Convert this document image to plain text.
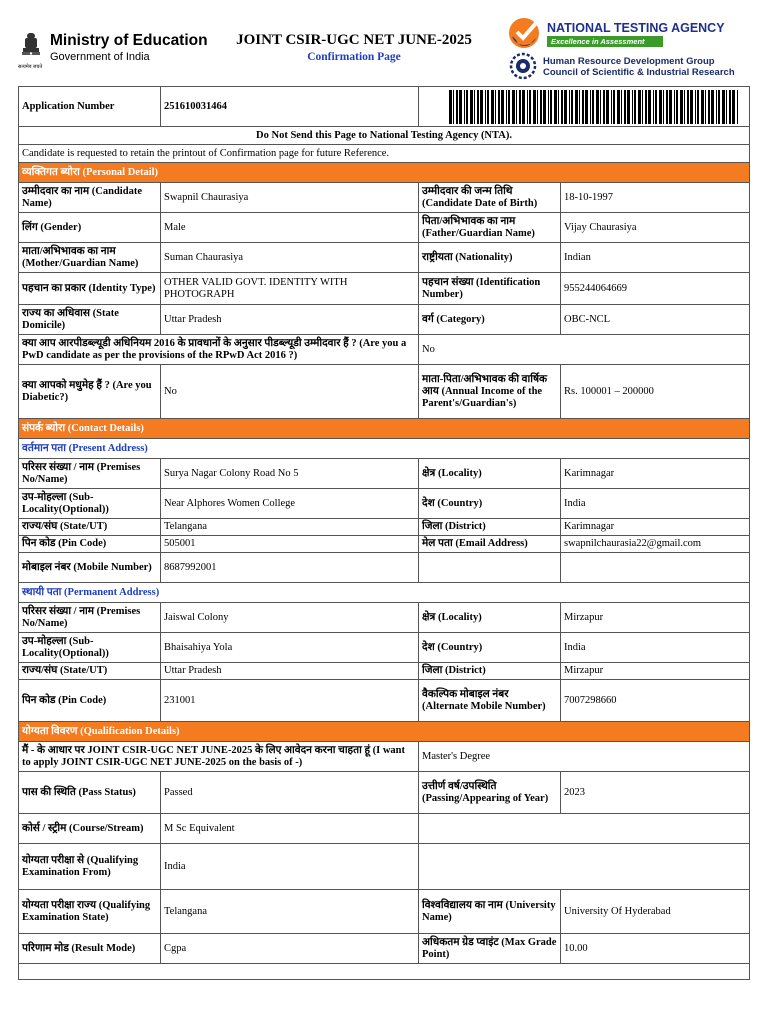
सत्यमेव जयते
Ministry of Education
Government of India
JOINT CSIR-UGC NET JUNE-2025
Confirmation Page
NATIONAL TESTING AGENCY
Excellence in Assessment
Human Resource Development Group
Council of Scientific & Industrial Research
Application Number	251610031464	

Do Not Send this Page to National Testing Agency (NTA).			
Candidate is requested to retain the printout of Confirmation page for future Reference.			
व्यक्तिगत ब्योरा (Personal Detail)			
उम्मीदवार का नाम (Candidate Name)	Swapnil Chaurasiya	उम्मीदवार की जन्म तिथि (Candidate Date of Birth)	18-10-1997
लिंग (Gender)	Male	पिता/अभिभावक का नाम (Father/Guardian Name)	Vijay Chaurasiya
माता/अभिभावक का नाम (Mother/Guardian Name)	Suman Chaurasiya	राष्ट्रीयता (Nationality)	Indian
पहचान का प्रकार (Identity Type)	OTHER VALID GOVT. IDENTITY WITH PHOTOGRAPH	पहचान संख्या (Identification Number)	955244064669
राज्य का अधिवास (State Domicile)	Uttar Pradesh	वर्ग (Category)	OBC-NCL
क्या आप आरपीडब्ल्यूडी अधिनियम 2016 के प्रावधानों के अनुसार पीडब्ल्यूडी उम्मीदवार हैं ? (Are you a PwD candidate as per the provisions of the RPwD Act 2016 ?)		No	
क्या आपको मधुमेह हैं ? (Are you Diabetic?)	No	माता-पिता/अभिभावक की वार्षिक आय (Annual Income of the Parent's/Guardian's)	Rs. 100001 – 200000
संपर्क ब्योरा (Contact Details)			
वर्तमान पता (Present Address)			
परिसर संख्या / नाम (Premises No/Name)	Surya Nagar Colony Road No 5	क्षेत्र (Locality)	Karimnagar
उप-मोहल्ला (Sub-Locality(Optional))	Near Alphores Women College	देश (Country)	India
राज्य/संघ (State/UT)	Telangana	जिला (District)	Karimnagar
पिन कोड (Pin Code)	505001	मेल पता (Email Address)	swapnilchaurasia22@gmail.com
मोबाइल नंबर (Mobile Number)	8687992001		
स्थायी पता (Permanent Address)			
परिसर संख्या / नाम (Premises No/Name)	Jaiswal Colony	क्षेत्र (Locality)	Mirzapur
उप-मोहल्ला (Sub-Locality(Optional))	Bhaisahiya Yola	देश (Country)	India
राज्य/संघ (State/UT)	Uttar Pradesh	जिला (District)	Mirzapur
पिन कोड (Pin Code)	231001	वैकल्पिक मोबाइल नंबर (Alternate Mobile Number)	7007298660
योग्यता विवरण (Qualification Details)			
मैं - के आधार पर JOINT CSIR-UGC NET JUNE-2025 के लिए आवेदन करना चाहता हूं (I want to apply JOINT CSIR-UGC NET JUNE-2025 on the basis of -)		Master's Degree	
पास की स्थिति (Pass Status)	Passed	उत्तीर्ण वर्ष/उपस्थिति (Passing/Appearing of Year)	2023
कोर्स / स्ट्रीम (Course/Stream)	M Sc Equivalent		
योग्यता परीक्षा से (Qualifying Examination From)	India		
योग्यता परीक्षा राज्य (Qualifying Examination State)	Telangana	विश्वविद्यालय का नाम (University Name)	University Of Hyderabad
परिणाम मोड (Result Mode)	Cgpa	अधिकतम ग्रेड प्वाइंट (Max Grade Point)	10.00
